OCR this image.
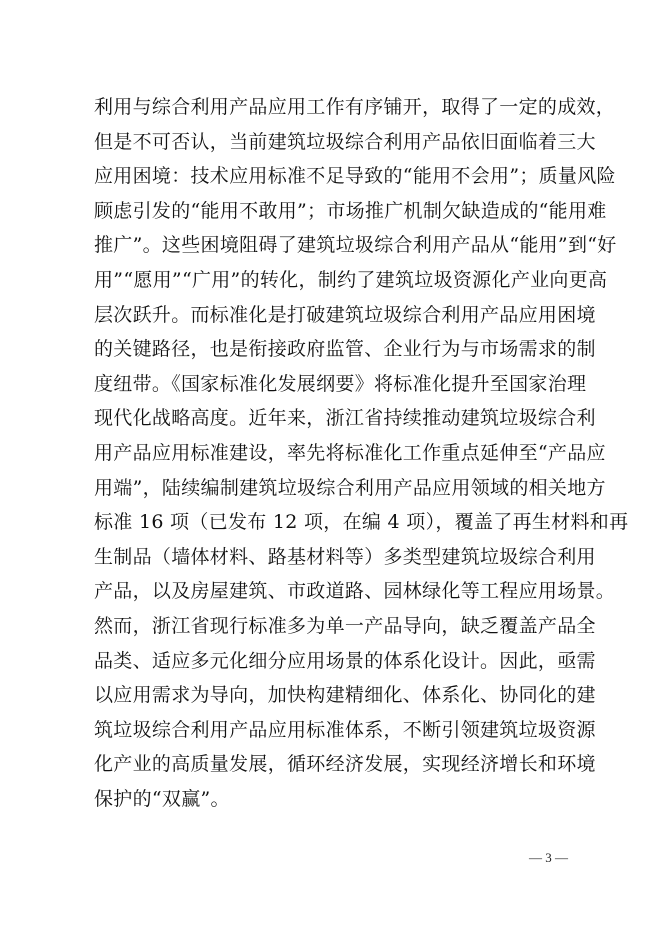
利用与综合利用产品应用工作有序铺开，取得了一定的成效，
但是不可否认，当前建筑垃圾综合利用产品依旧面临着三大
应用困境：技术应用标准不足导致的“能用不会用”；质量风险
顾虑引发的“能用不敢用”；市场推广机制欠缺造成的“能用难
推广”。这些困境阻碍了建筑垃圾综合利用产品从“能用”到“好
用”“愿用”“广用”的转化，制约了建筑垃圾资源化产业向更高
层次跃升。而标准化是打破建筑垃圾综合利用产品应用困境
的关键路径，也是衔接政府监管、企业行为与市场需求的制
度纽带。《国家标准化发展纲要》将标准化提升至国家治理
现代化战略高度。近年来，浙江省持续推动建筑垃圾综合利
用产品应用标准建设，率先将标准化工作重点延伸至“产品应
用端”，陆续编制建筑垃圾综合利用产品应用领域的相关地方
标准 16 项（已发布 12 项，在编 4 项），覆盖了再生材料和再
生制品（墙体材料、路基材料等）多类型建筑垃圾综合利用
产品，以及房屋建筑、市政道路、园林绿化等工程应用场景。
然而，浙江省现行标准多为单一产品导向，缺乏覆盖产品全
品类、适应多元化细分应用场景的体系化设计。因此，亟需
以应用需求为导向，加快构建精细化、体系化、协同化的建
筑垃圾综合利用产品应用标准体系，不断引领建筑垃圾资源
化产业的高质量发展，循环经济发展，实现经济增长和环境
保护的“双赢”。
— 3 —
